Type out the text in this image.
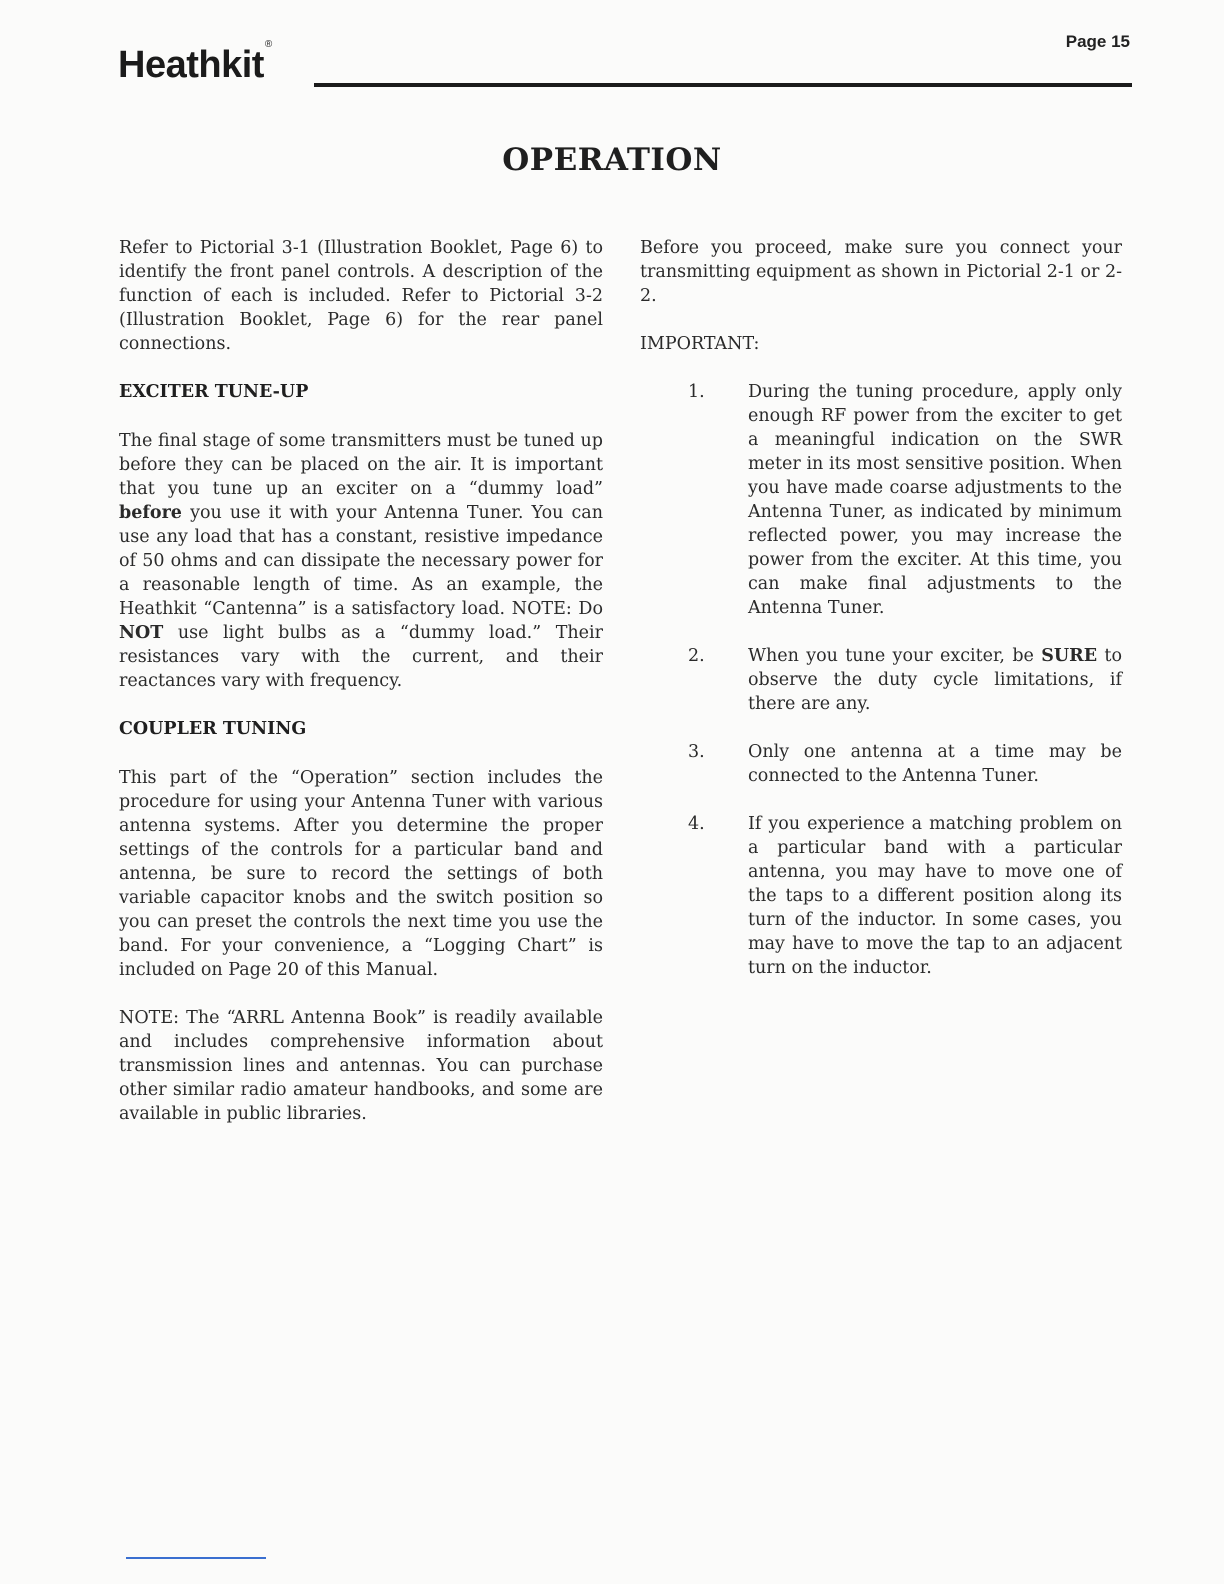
Page 15
Heathkit®
OPERATION

Refer to Pictorial 3-1 (Illustration Booklet, Page 6) to identify the front panel controls. A description of the function of each is included. Refer to Pictorial 3-2 (Illustration Booklet, Page 6) for the rear panel connections.

EXCITER TUNE-UP

The final stage of some transmitters must be tuned up before they can be placed on the air. It is important that you tune up an exciter on a “dummy load” before you use it with your Antenna Tuner. You can use any load that has a constant, resistive impedance of 50 ohms and can dissipate the necessary power for a reasonable length of time. As an example, the Heathkit “Cantenna” is a satisfactory load. NOTE: Do NOT use light bulbs as a “dummy load.” Their resistances vary with the current, and their reactances vary with frequency.

COUPLER TUNING

This part of the “Operation” section includes the procedure for using your Antenna Tuner with various antenna systems. After you determine the proper settings of the controls for a particular band and antenna, be sure to record the settings of both variable capacitor knobs and the switch position so you can preset the controls the next time you use the band. For your convenience, a “Logging Chart” is included on Page 20 of this Manual.

NOTE: The “ARRL Antenna Book” is readily available and includes comprehensive information about transmission lines and antennas. You can purchase other similar radio amateur handbooks, and some are available in public libraries.

Before you proceed, make sure you connect your transmitting equipment as shown in Pictorial 2-1 or 2-2.

IMPORTANT:

1.	During the tuning procedure, apply only enough RF power from the exciter to get a meaningful indication on the SWR meter in its most sensitive position. When you have made coarse adjustments to the Antenna Tuner, as indicated by minimum reflected power, you may increase the power from the exciter. At this time, you can make final adjustments to the Antenna Tuner.
2.	When you tune your exciter, be SURE to observe the duty cycle limitations, if there are any.
3.	Only one antenna at a time may be connected to the Antenna Tuner.
4.	If you experience a matching problem on a particular band with a particular antenna, you may have to move one of the taps to a different position along its turn of the inductor. In some cases, you may have to move the tap to an adjacent turn on the inductor.
